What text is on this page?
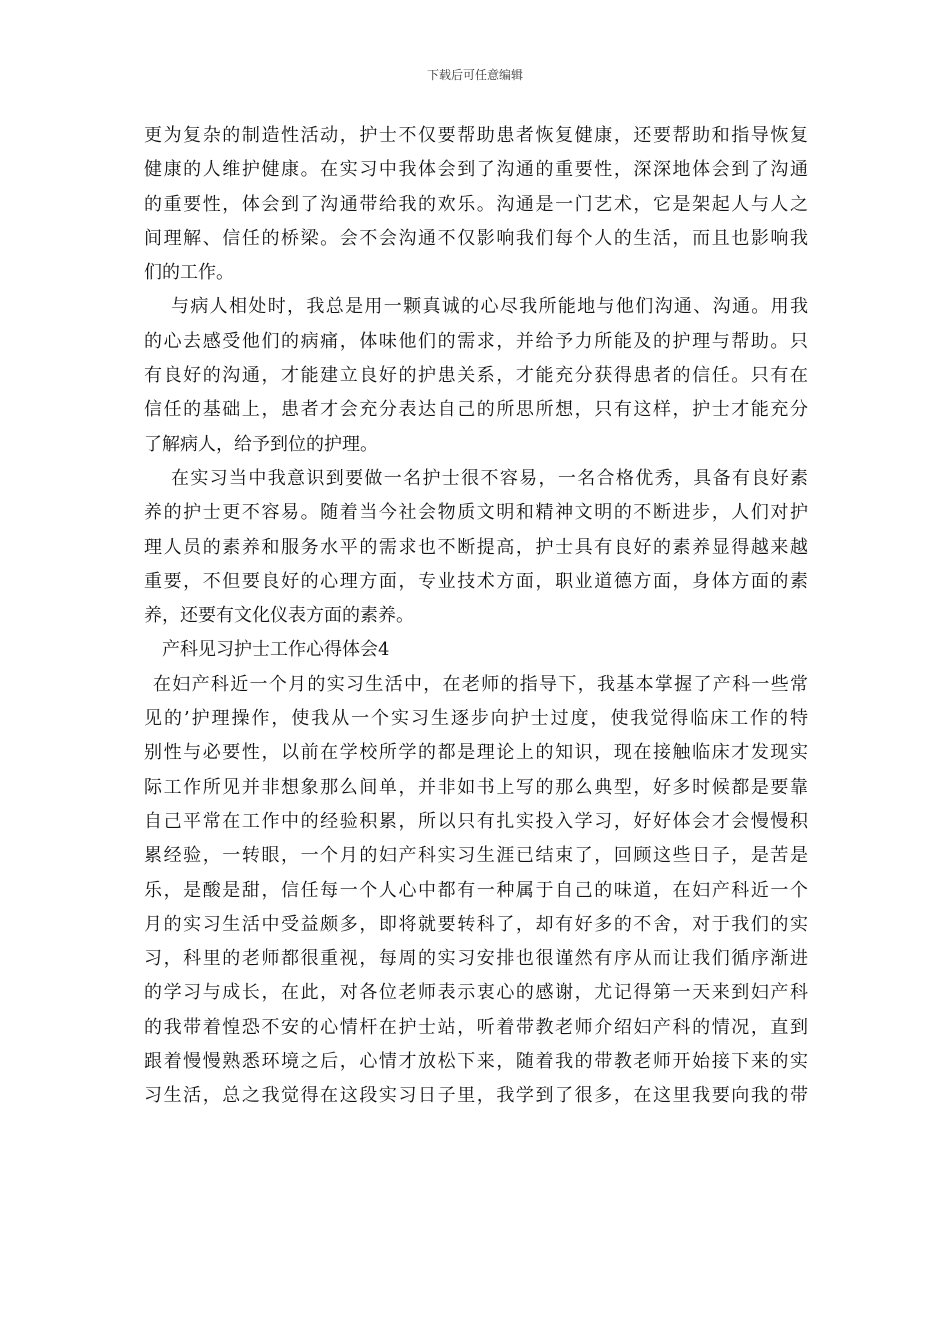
下载后可任意编辑
更为复杂的制造性活动，护士不仅要帮助患者恢复健康，还要帮助和指导恢复
健康的人维护健康。在实习中我体会到了沟通的重要性，深深地体会到了沟通
的重要性，体会到了沟通带给我的欢乐。沟通是一门艺术，它是架起人与人之
间理解、信任的桥梁。会不会沟通不仅影响我们每个人的生活，而且也影响我
们的工作。
与病人相处时，我总是用一颗真诚的心尽我所能地与他们沟通、沟通。用我
的心去感受他们的病痛，体味他们的需求，并给予力所能及的护理与帮助。只
有良好的沟通，才能建立良好的护患关系，才能充分获得患者的信任。只有在
信任的基础上，患者才会充分表达自己的所思所想，只有这样，护士才能充分
了解病人，给予到位的护理。
在实习当中我意识到要做一名护士很不容易，一名合格优秀，具备有良好素
养的护士更不容易。随着当今社会物质文明和精神文明的不断进步，人们对护
理人员的素养和服务水平的需求也不断提高，护士具有良好的素养显得越来越
重要，不但要良好的心理方面，专业技术方面，职业道德方面，身体方面的素
养，还要有文化仪表方面的素养。
产科见习护士工作心得体会4
在妇产科近一个月的实习生活中，在老师的指导下，我基本掌握了产科一些常
见的’护理操作，使我从一个实习生逐步向护士过度，使我觉得临床工作的特
别性与必要性，以前在学校所学的都是理论上的知识，现在接触临床才发现实
际工作所见并非想象那么间单，并非如书上写的那么典型，好多时候都是要靠
自己平常在工作中的经验积累，所以只有扎实投入学习，好好体会才会慢慢积
累经验，一转眼，一个月的妇产科实习生涯已结束了，回顾这些日子，是苦是
乐，是酸是甜，信任每一个人心中都有一种属于自己的味道，在妇产科近一个
月的实习生活中受益颇多，即将就要转科了，却有好多的不舍，对于我们的实
习，科里的老师都很重视，每周的实习安排也很谨然有序从而让我们循序渐进
的学习与成长，在此，对各位老师表示衷心的感谢，尤记得第一天来到妇产科
的我带着惶恐不安的心情杆在护士站，听着带教老师介绍妇产科的情况，直到
跟着慢慢熟悉环境之后，心情才放松下来，随着我的带教老师开始接下来的实
习生活，总之我觉得在这段实习日子里，我学到了很多，在这里我要向我的带
